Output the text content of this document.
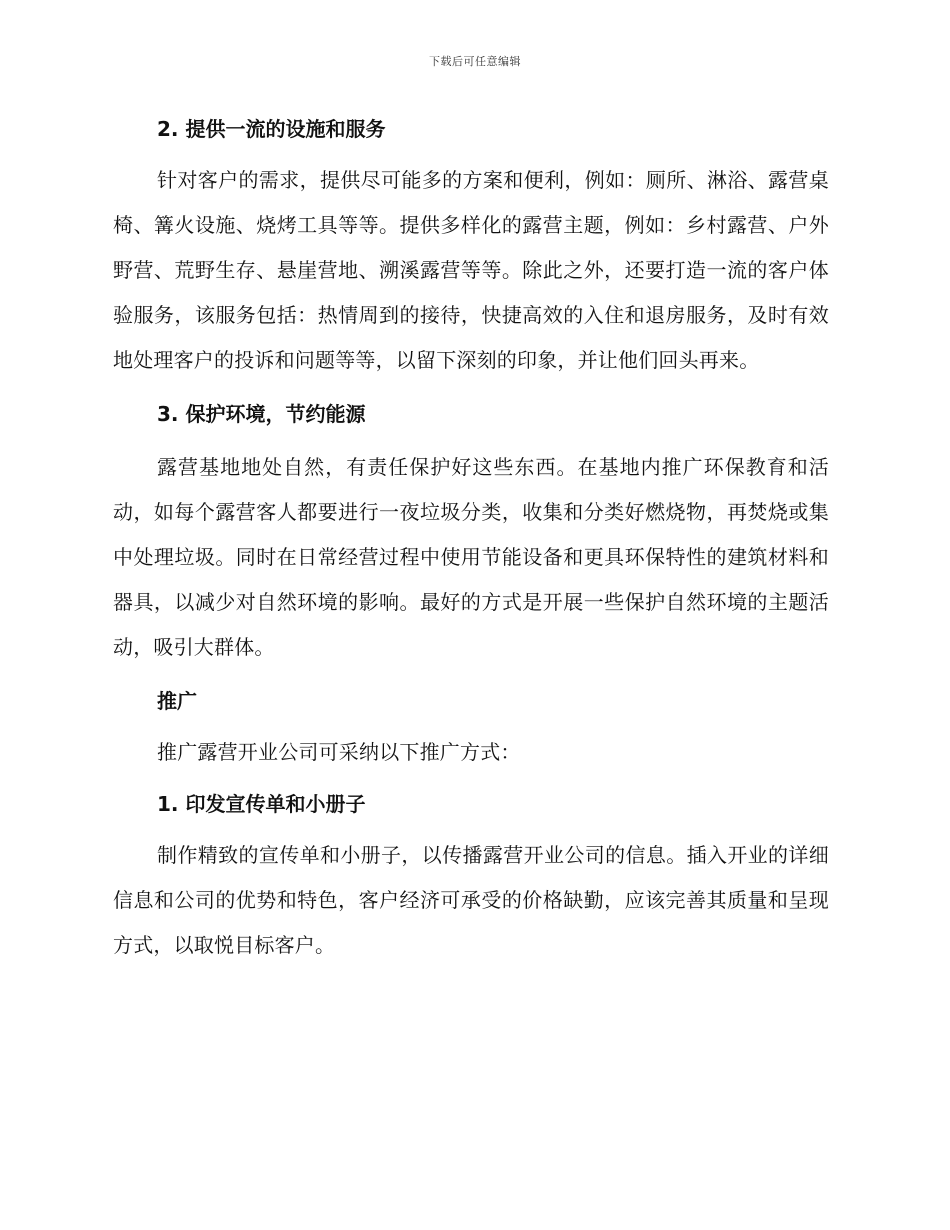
下载后可任意编辑

2. 提供一流的设施和服务

针对客户的需求，提供尽可能多的方案和便利，例如：厕所、淋浴、露营桌椅、篝火设施、烧烤工具等等。提供多样化的露营主题，例如：乡村露营、户外野营、荒野生存、悬崖营地、溯溪露营等等。除此之外，还要打造一流的客户体验服务，该服务包括：热情周到的接待，快捷高效的入住和退房服务，及时有效地处理客户的投诉和问题等等，以留下深刻的印象，并让他们回头再来。

3. 保护环境，节约能源

露营基地地处自然，有责任保护好这些东西。在基地内推广环保教育和活动，如每个露营客人都要进行一夜垃圾分类，收集和分类好燃烧物，再焚烧或集中处理垃圾。同时在日常经营过程中使用节能设备和更具环保特性的建筑材料和器具，以减少对自然环境的影响。最好的方式是开展一些保护自然环境的主题活动，吸引大群体。

推广

推广露营开业公司可采纳以下推广方式：

1. 印发宣传单和小册子

制作精致的宣传单和小册子，以传播露营开业公司的信息。插入开业的详细信息和公司的优势和特色，客户经济可承受的价格缺勤，应该完善其质量和呈现方式，以取悦目标客户。
